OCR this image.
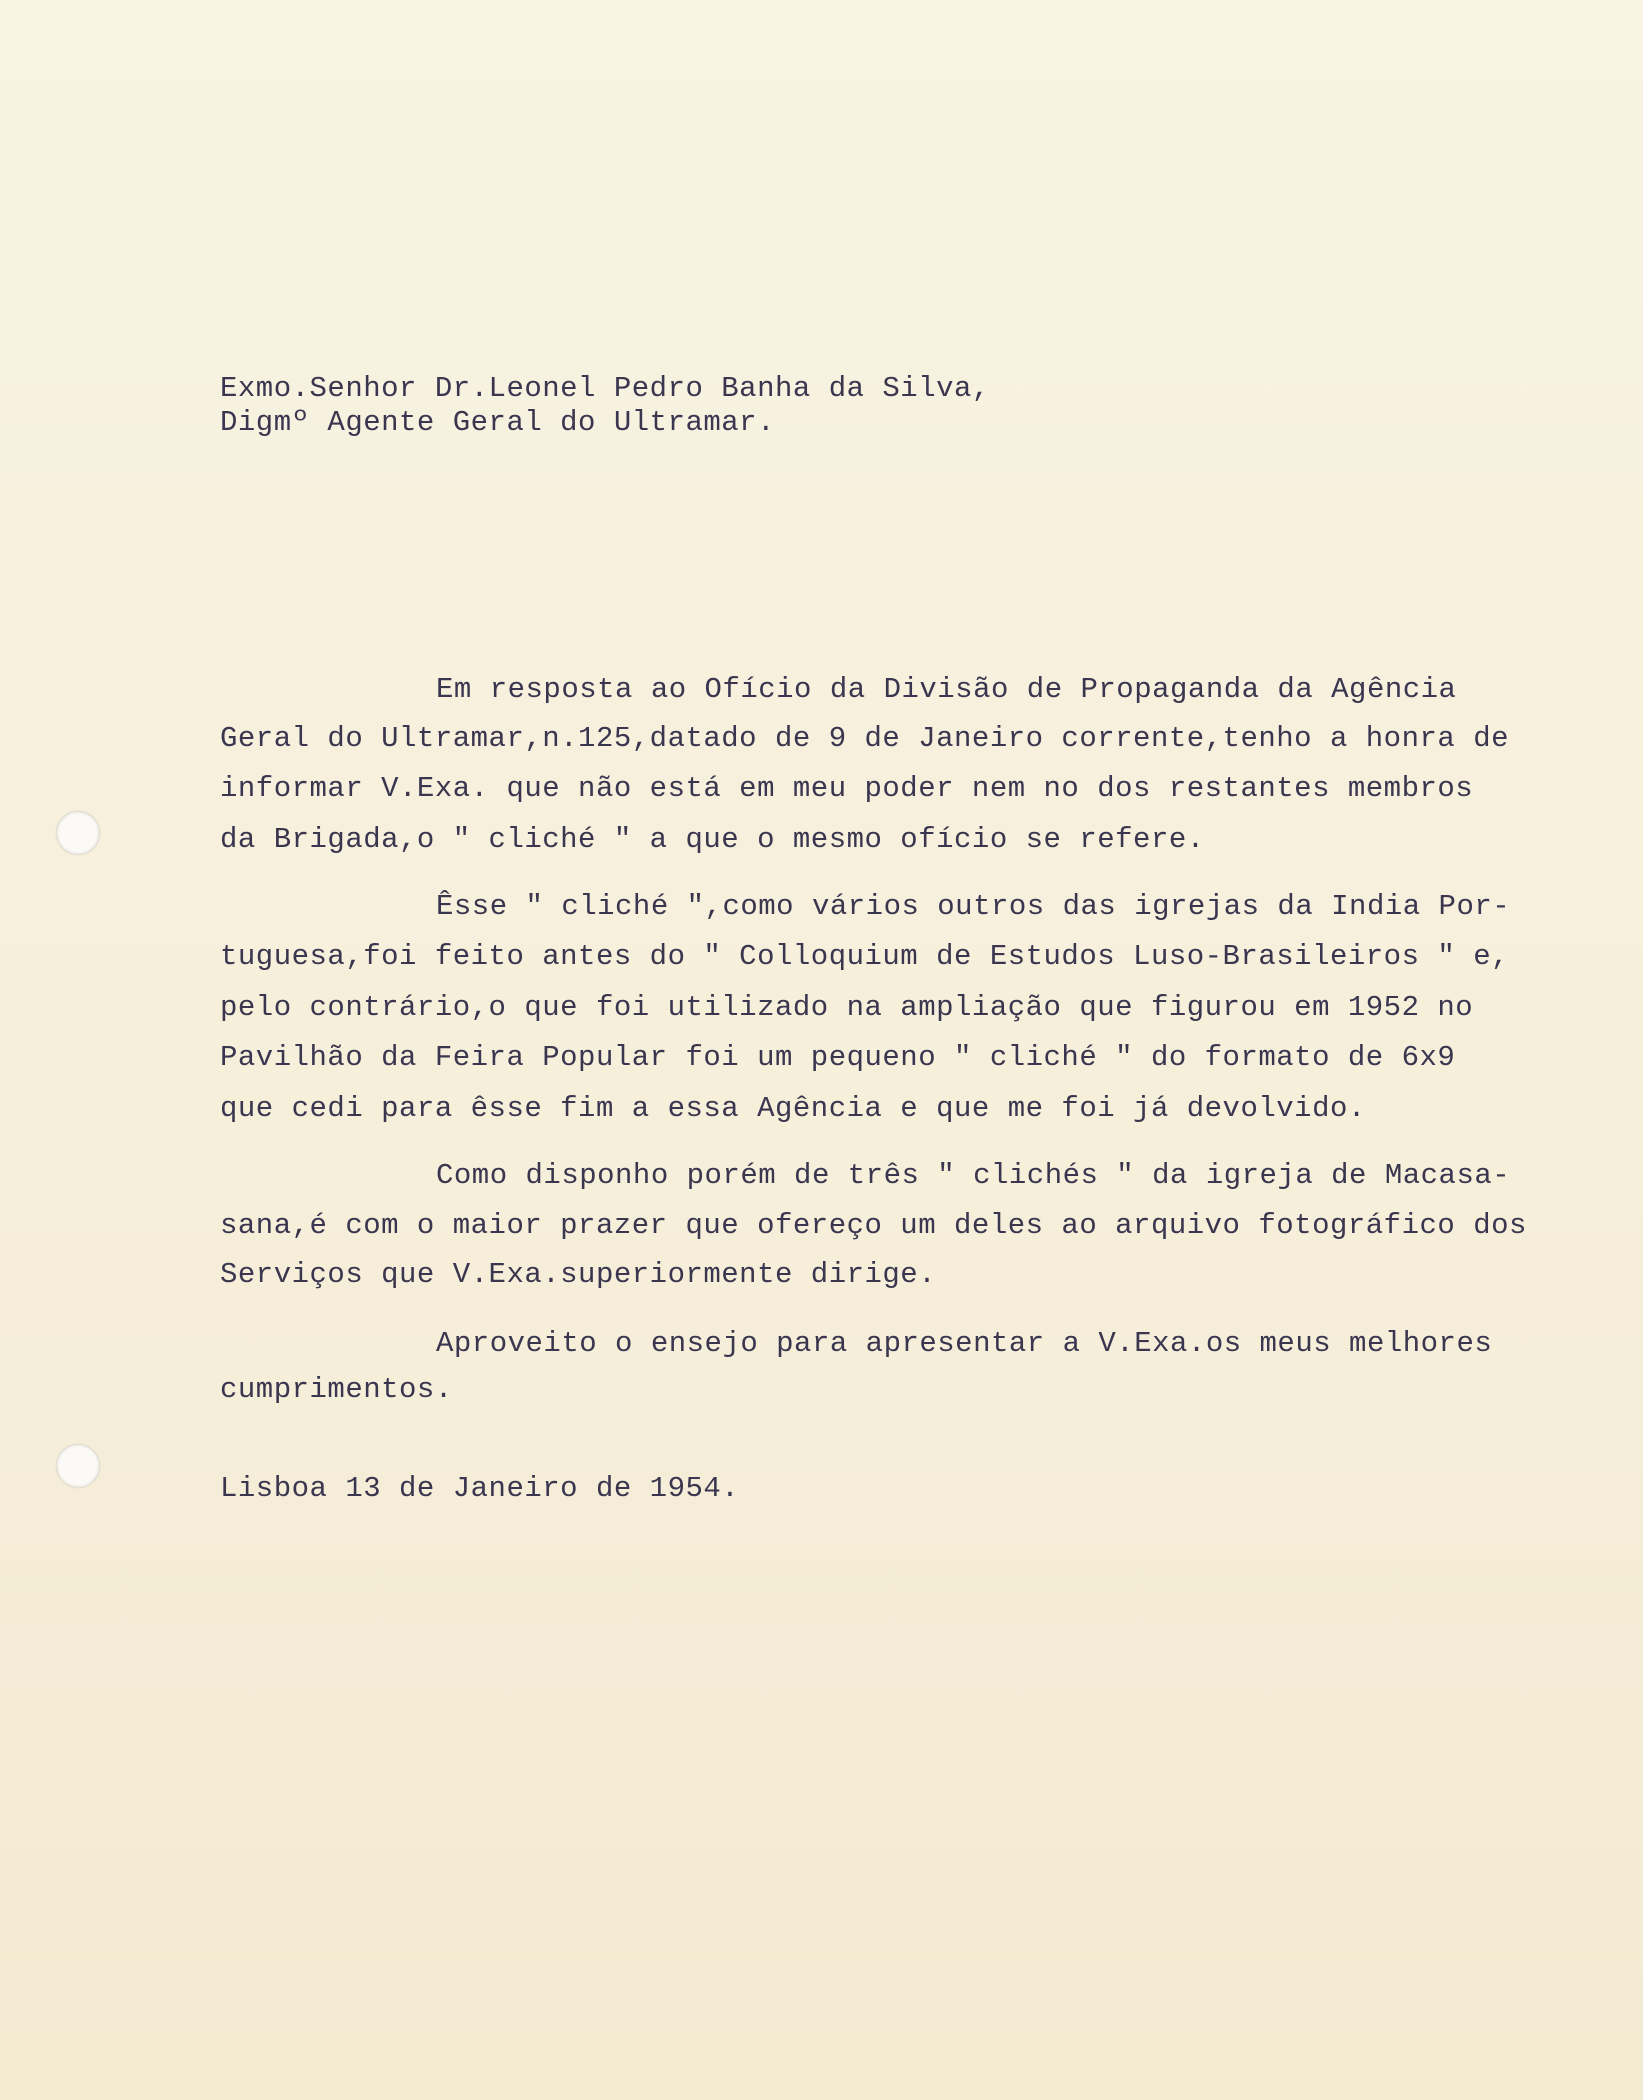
Exmo.Senhor Dr.Leonel Pedro Banha da Silva,
Digmº Agente Geral do Ultramar.
Em resposta ao Ofício da Divisão de Propaganda da Agência
Geral do Ultramar,n.125,datado de 9 de Janeiro corrente,tenho a honra de
informar V.Exa. que não está em meu poder nem no dos restantes membros
da Brigada,o " cliché " a que o mesmo ofício se refere.
Êsse " cliché ",como vários outros das igrejas da India Por-
tuguesa,foi feito antes do " Colloquium de Estudos Luso-Brasileiros " e,
pelo contrário,o que foi utilizado na ampliação que figurou em 1952 no
Pavilhão da Feira Popular foi um pequeno " cliché " do formato de 6x9
que cedi para êsse fim a essa Agência e que me foi já devolvido.
Como disponho porém de três " clichés " da igreja de Macasa-
sana,é com o maior prazer que ofereço um deles ao arquivo fotográfico dos
Serviços que V.Exa.superiormente dirige.
Aproveito o ensejo para apresentar a V.Exa.os meus melhores
cumprimentos.
Lisboa 13 de Janeiro de 1954.
